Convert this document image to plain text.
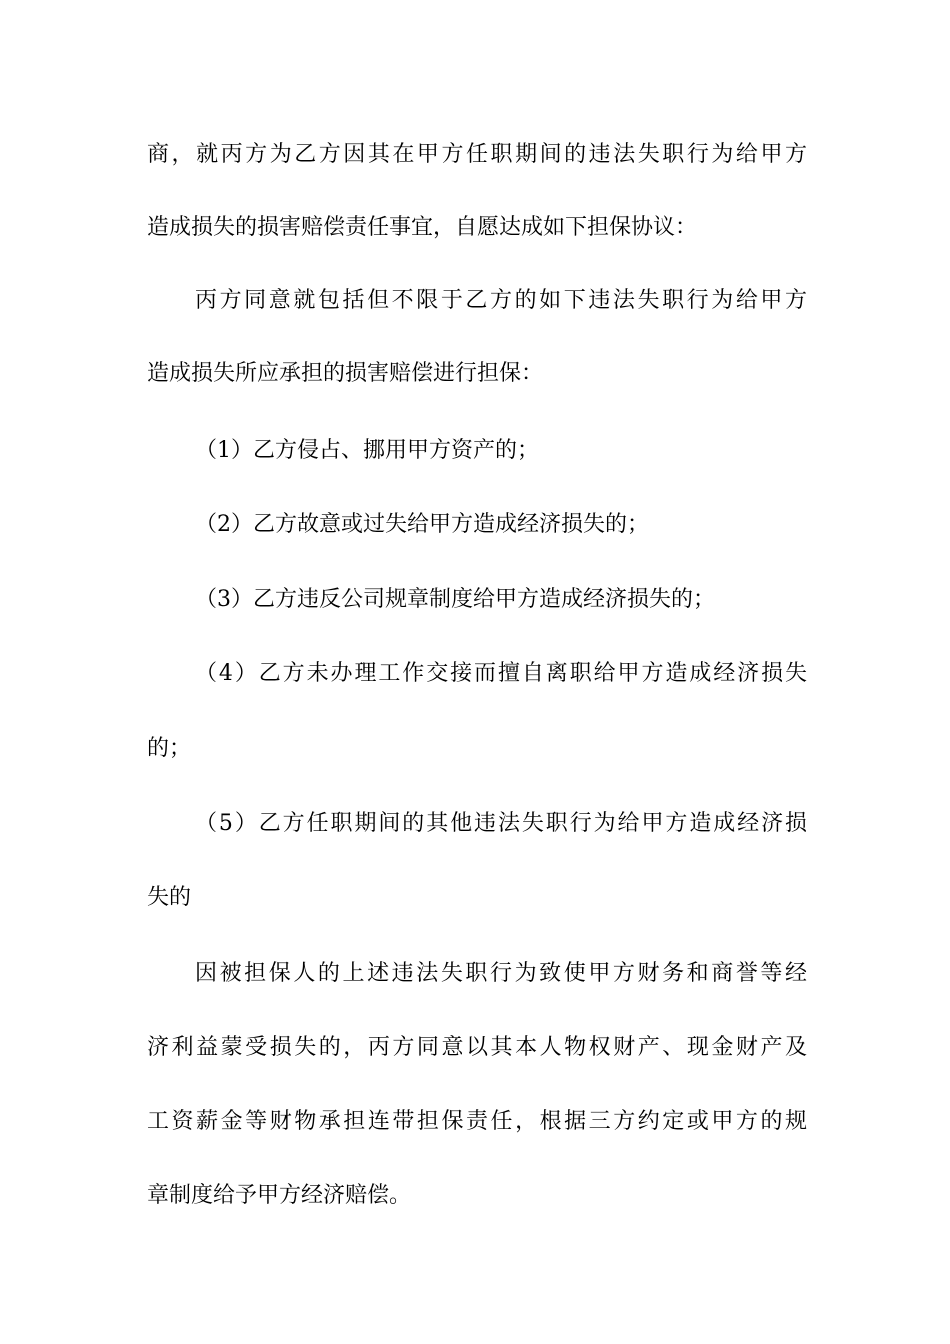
商，就丙方为乙方因其在甲方任职期间的违法失职行为给甲方
造成损失的损害赔偿责任事宜，自愿达成如下担保协议：
丙方同意就包括但不限于乙方的如下违法失职行为给甲方
造成损失所应承担的损害赔偿进行担保：
（1）乙方侵占、挪用甲方资产的；
（2）乙方故意或过失给甲方造成经济损失的；
（3）乙方违反公司规章制度给甲方造成经济损失的；
（4）乙方未办理工作交接而擅自离职给甲方造成经济损失
的；
（5）乙方任职期间的其他违法失职行为给甲方造成经济损
失的
因被担保人的上述违法失职行为致使甲方财务和商誉等经
济利益蒙受损失的，丙方同意以其本人物权财产、现金财产及
工资薪金等财物承担连带担保责任，根据三方约定或甲方的规
章制度给予甲方经济赔偿。
